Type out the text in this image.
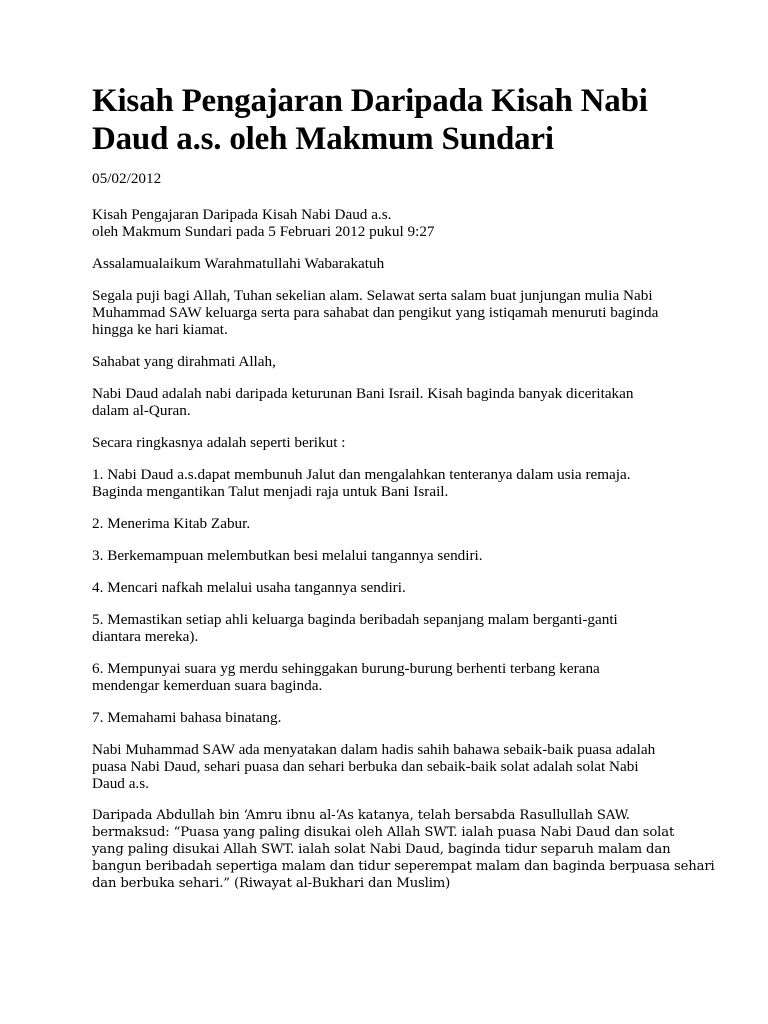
Kisah Pengajaran Daripada Kisah Nabi
Daud a.s. oleh Makmum Sundari

05/02/2012

Kisah Pengajaran Daripada Kisah Nabi Daud a.s.
oleh Makmum Sundari pada 5 Februari 2012 pukul 9:27

Assalamualaikum Warahmatullahi Wabarakatuh

Segala puji bagi Allah, Tuhan sekelian alam. Selawat serta salam buat junjungan mulia Nabi
Muhammad SAW keluarga serta para sahabat dan pengikut yang istiqamah menuruti baginda
hingga ke hari kiamat.

Sahabat yang dirahmati Allah,

Nabi Daud adalah nabi daripada keturunan Bani Israil. Kisah baginda banyak diceritakan
dalam al-Quran.

Secara ringkasnya adalah seperti berikut :

1. Nabi Daud a.s.dapat membunuh Jalut dan mengalahkan tenteranya dalam usia remaja.
Baginda mengantikan Talut menjadi raja untuk Bani Israil.

2. Menerima Kitab Zabur.

3. Berkemampuan melembutkan besi melalui tangannya sendiri.

4. Mencari nafkah melalui usaha tangannya sendiri.

5. Memastikan setiap ahli keluarga baginda beribadah sepanjang malam berganti-ganti
diantara mereka).

6. Mempunyai suara yg merdu sehinggakan burung-burung berhenti terbang kerana
mendengar kemerduan suara baginda.

7. Memahami bahasa binatang.

Nabi Muhammad SAW ada menyatakan dalam hadis sahih bahawa sebaik-baik puasa adalah
puasa Nabi Daud, sehari puasa dan sehari berbuka dan sebaik-baik solat adalah solat Nabi
Daud a.s.

Daripada Abdullah bin ‘Amru ibnu al-‘As katanya, telah bersabda Rasullullah SAW.
bermaksud: “Puasa yang paling disukai oleh Allah SWT. ialah puasa Nabi Daud dan solat
yang paling disukai Allah SWT. ialah solat Nabi Daud, baginda tidur separuh malam dan
bangun beribadah sepertiga malam dan tidur seperempat malam dan baginda berpuasa sehari
dan berbuka sehari.” (Riwayat al-Bukhari dan Muslim)
